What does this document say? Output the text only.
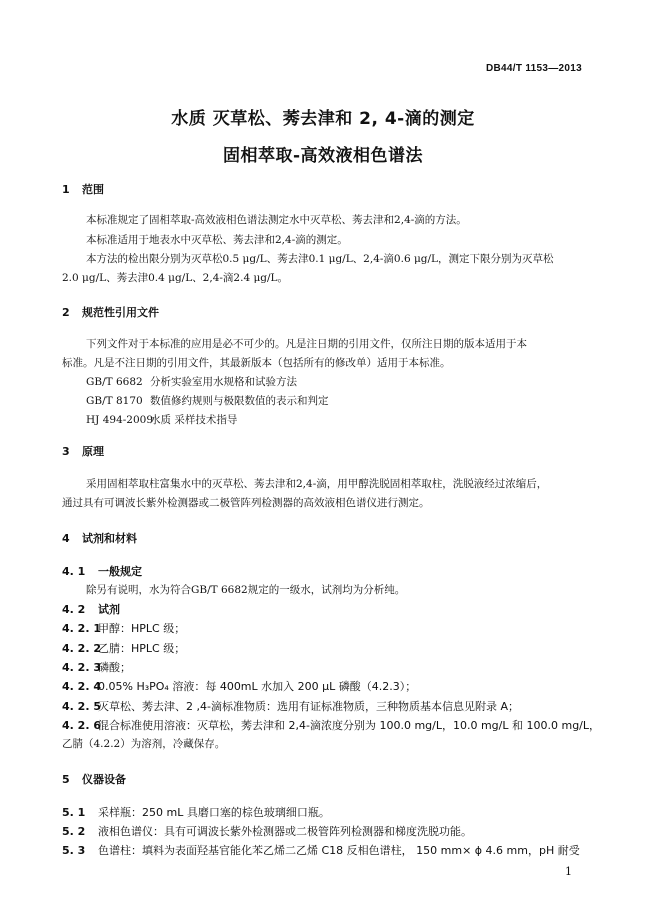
DB44/T 1153—2013
水质 灭草松、莠去津和 2, 4-滴的测定
固相萃取-高效液相色谱法
1 范围
本标准规定了固相萃取-高效液相色谱法测定水中灭草松、莠去津和2,4-滴的方法。
本标准适用于地表水中灭草松、莠去津和2,4-滴的测定。
本方法的检出限分别为灭草松0.5 μg/L、莠去津0.1 μg/L、2,4-滴0.6 μg/L，测定下限分别为灭草松
2.0 μg/L、莠去津0.4 μg/L、2,4-滴2.4 μg/L。
2 规范性引用文件
下列文件对于本标准的应用是必不可少的。凡是注日期的引用文件，仅所注日期的版本适用于本
标准。凡是不注日期的引用文件，其最新版本（包括所有的修改单）适用于本标准。
GB/T 6682 分析实验室用水规格和试验方法
GB/T 8170 数值修约规则与极限数值的表示和判定
HJ 494-2009水质 采样技术指导
3 原理
采用固相萃取柱富集水中的灭草松、莠去津和2,4-滴，用甲醇洗脱固相萃取柱，洗脱液经过浓缩后，
通过具有可调波长紫外检测器或二极管阵列检测器的高效液相色谱仪进行测定。
4 试剂和材料
4. 1 一般规定
除另有说明，水为符合GB/T 6682规定的一级水，试剂均为分析纯。
4. 2 试剂
4. 2. 1甲醇：HPLC 级；
4. 2. 2乙腈：HPLC 级；
4. 2. 3磷酸；
4. 2. 40.05% H₃PO₄ 溶液：每 400mL 水加入 200 μL 磷酸（4.2.3）；
4. 2. 5灭草松、莠去津、2 ,4-滴标准物质：选用有证标准物质，三种物质基本信息见附录 A；
4. 2. 6混合标准使用溶液：灭草松，莠去津和 2,4-滴浓度分别为 100.0 mg/L，10.0 mg/L 和 100.0 mg/L，
乙腈（4.2.2）为溶剂，冷藏保存。
5 仪器设备
5. 1 采样瓶：250 mL 具磨口塞的棕色玻璃细口瓶。
5. 2 液相色谱仪：具有可调波长紫外检测器或二极管阵列检测器和梯度洗脱功能。
5. 3 色谱柱：填料为表面羟基官能化苯乙烯二乙烯 C18 反相色谱柱， 150 mm× ϕ 4.6 mm，pH 耐受
1
